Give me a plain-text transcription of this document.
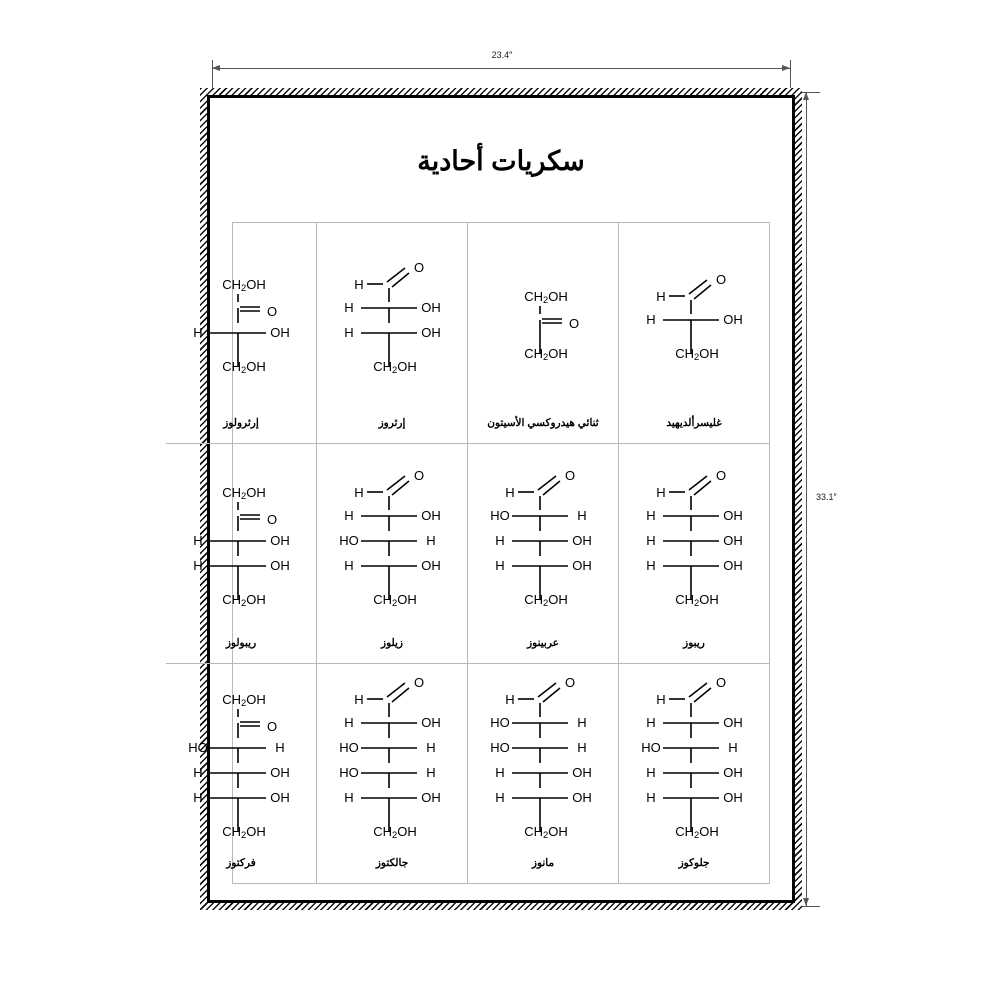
23.4″
33.1″
سكريات أحادية
H
O
H	OH
CH2OH
غليسرألديهيد
CH2OH
O
CH2OH
ثنائي هيدروكسي الأسيتون
H
O
H	OH
H	OH
CH2OH
إرثروز
CH2OH
O
H	OH
CH2OH
إرثرولوز
H
O
H	OH
H	OH
H	OH
CH2OH
ريبوز
H
O
HO	H
H	OH
H	OH
CH2OH
عربينوز
H
O
H	OH
HO	H
H	OH
CH2OH
زيلوز
CH2OH
O
H	OH
H	OH
CH2OH
ريبولوز
H
O
H	OH
HO	H
H	OH
H	OH
CH2OH
جلوكوز
H
O
HO	H
HO	H
H	OH
H	OH
CH2OH
مانوز
H
O
H	OH
HO	H
HO	H
H	OH
CH2OH
جالكتوز
CH2OH
O
HO	H
H	OH
H	OH
CH2OH
فركتوز
